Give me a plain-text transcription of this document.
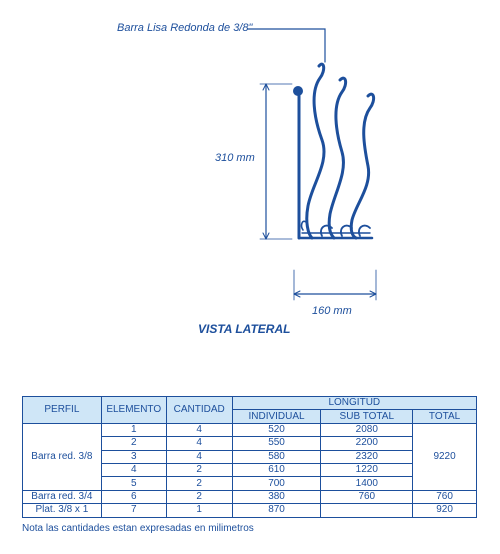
Barra Lisa Redonda de 3/8"
310 mm
160 mm
VISTA LATERAL
PERFIL	ELEMENTO	CANTIDAD	LONGITUD		
			INDIVIDUAL	SUB TOTAL	TOTAL
Barra red. 3/8	1	4	520	2080	9220
	2	4	550	2200	
	3	4	580	2320	
	4	2	610	1220	
	5	2	700	1400	
Barra red. 3/4	6	2	380	760	760
Plat. 3/8 x 1	7	1	870		920
Nota las cantidades estan expresadas en milimetros
